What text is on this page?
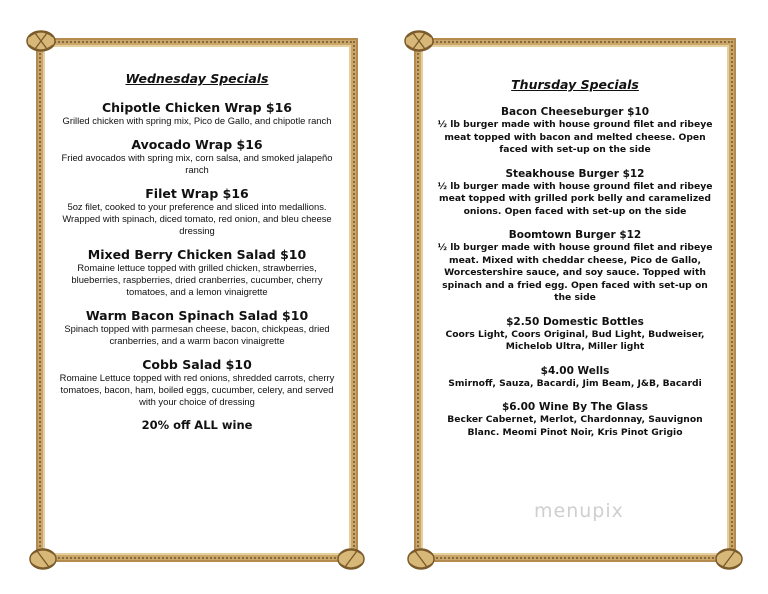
Wednesday Specials
Chipotle Chicken Wrap $16
Grilled chicken with spring mix, Pico de Gallo, and chipotle ranch
Avocado Wrap $16
Fried avocados with spring mix, corn salsa, and smoked jalapeño ranch
Filet Wrap $16
5oz filet, cooked to your preference and sliced into medallions. Wrapped with spinach, diced tomato, red onion, and bleu cheese dressing
Mixed Berry Chicken Salad $10
Romaine lettuce topped with grilled chicken, strawberries, blueberries, raspberries, dried cranberries, cucumber, cherry tomatoes, and a lemon vinaigrette
Warm Bacon Spinach Salad $10
Spinach topped with parmesan cheese, bacon, chickpeas, dried cranberries, and a warm bacon vinaigrette
Cobb Salad $10
Romaine Lettuce topped with red onions, shredded carrots, cherry tomatoes, bacon, ham, boiled eggs, cucumber, celery, and served with your choice of dressing
20% off ALL wine
Thursday Specials
Bacon Cheeseburger $10
½ lb burger made with house ground filet and ribeye meat topped with bacon and melted cheese. Open faced with set-up on the side
Steakhouse Burger $12
½ lb burger made with house ground filet and ribeye meat topped with grilled pork belly and caramelized onions. Open faced with set-up on the side
Boomtown Burger $12
½ lb burger made with house ground filet and ribeye meat. Mixed with cheddar cheese, Pico de Gallo, Worcestershire sauce, and soy sauce. Topped with spinach and a fried egg. Open faced with set-up on the side
$2.50 Domestic Bottles
Coors Light, Coors Original, Bud Light, Budweiser, Michelob Ultra, Miller light
$4.00 Wells
Smirnoff, Sauza, Bacardi, Jim Beam, J&B, Bacardi
$6.00 Wine By The Glass
Becker Cabernet, Merlot, Chardonnay, Sauvignon Blanc. Meomi Pinot Noir, Kris Pinot Grigio
menupix
